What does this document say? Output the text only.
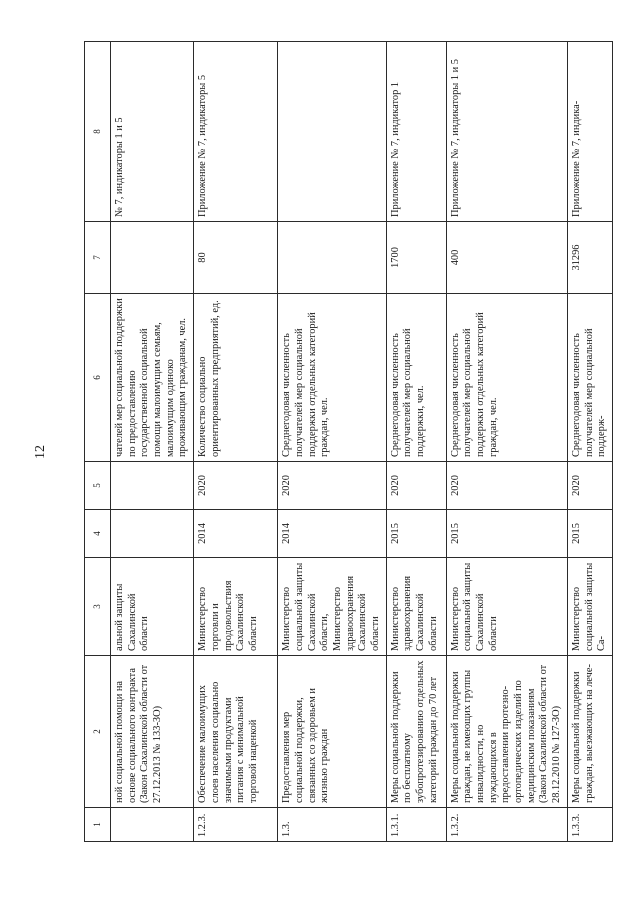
12
1	2	3	4	5	6	7	8
	ной социальной помощи на основе социального контракта (Закон Сахалинской области от 27.12.2013 № 133-ЗО)	альной защиты Сахалинской области			чателей мер социальной поддержки по предоставлению государственной социальной помощи малоимущим семьям, малоимущим одиноко проживающим гражданам, чел.		№ 7, индикаторы 1 и 5
1.2.3.	Обеспечение малоимущих слоев населения социально значимыми продуктами питания с минимальной торговой наценкой	Министерство торговли и продовольствия Сахалинской области	2014	2020	Количество социально ориентированных предприятий, ед.	80	Приложение № 7, индикаторы 5
1.3.	Предоставления мер социальной поддержки, связанных со здоровьем и жизнью граждан	Министерство социальной защиты Сахалинской области, Министерство здравоохранения Сахалинской области	2014	2020	Среднегодовая численность получателей мер социальной поддержки отдельных категорий граждан, чел.		
1.3.1.	Меры социальной поддержки по бесплатному зубопротезированию отдельных категорий граждан до 70 лет	Министерство здравоохранения Сахалинской области	2015	2020	Среднегодовая численность получателей мер социальной поддержки, чел.	1700	Приложение № 7, индикатор 1
1.3.2.	Меры социальной поддержки граждан, не имеющих группы инвалидности, но нуждающихся в предоставлении протезно-ортопедических изделий по медицинским показаниям (Закон Сахалинской области от 28.12.2010 № 127-ЗО)	Министерство социальной защиты Сахалинской области	2015	2020	Среднегодовая численность получателей мер социальной поддержки отдельных категорий граждан, чел.	400	Приложение № 7, индикаторы 1 и 5
1.3.3.	Меры социальной поддержки граждан, выезжающих на лече-	Министерство социальной защиты Са-	2015	2020	Среднегодовая численность получателей мер социальной поддерж-	31296	Приложение № 7, индика-
